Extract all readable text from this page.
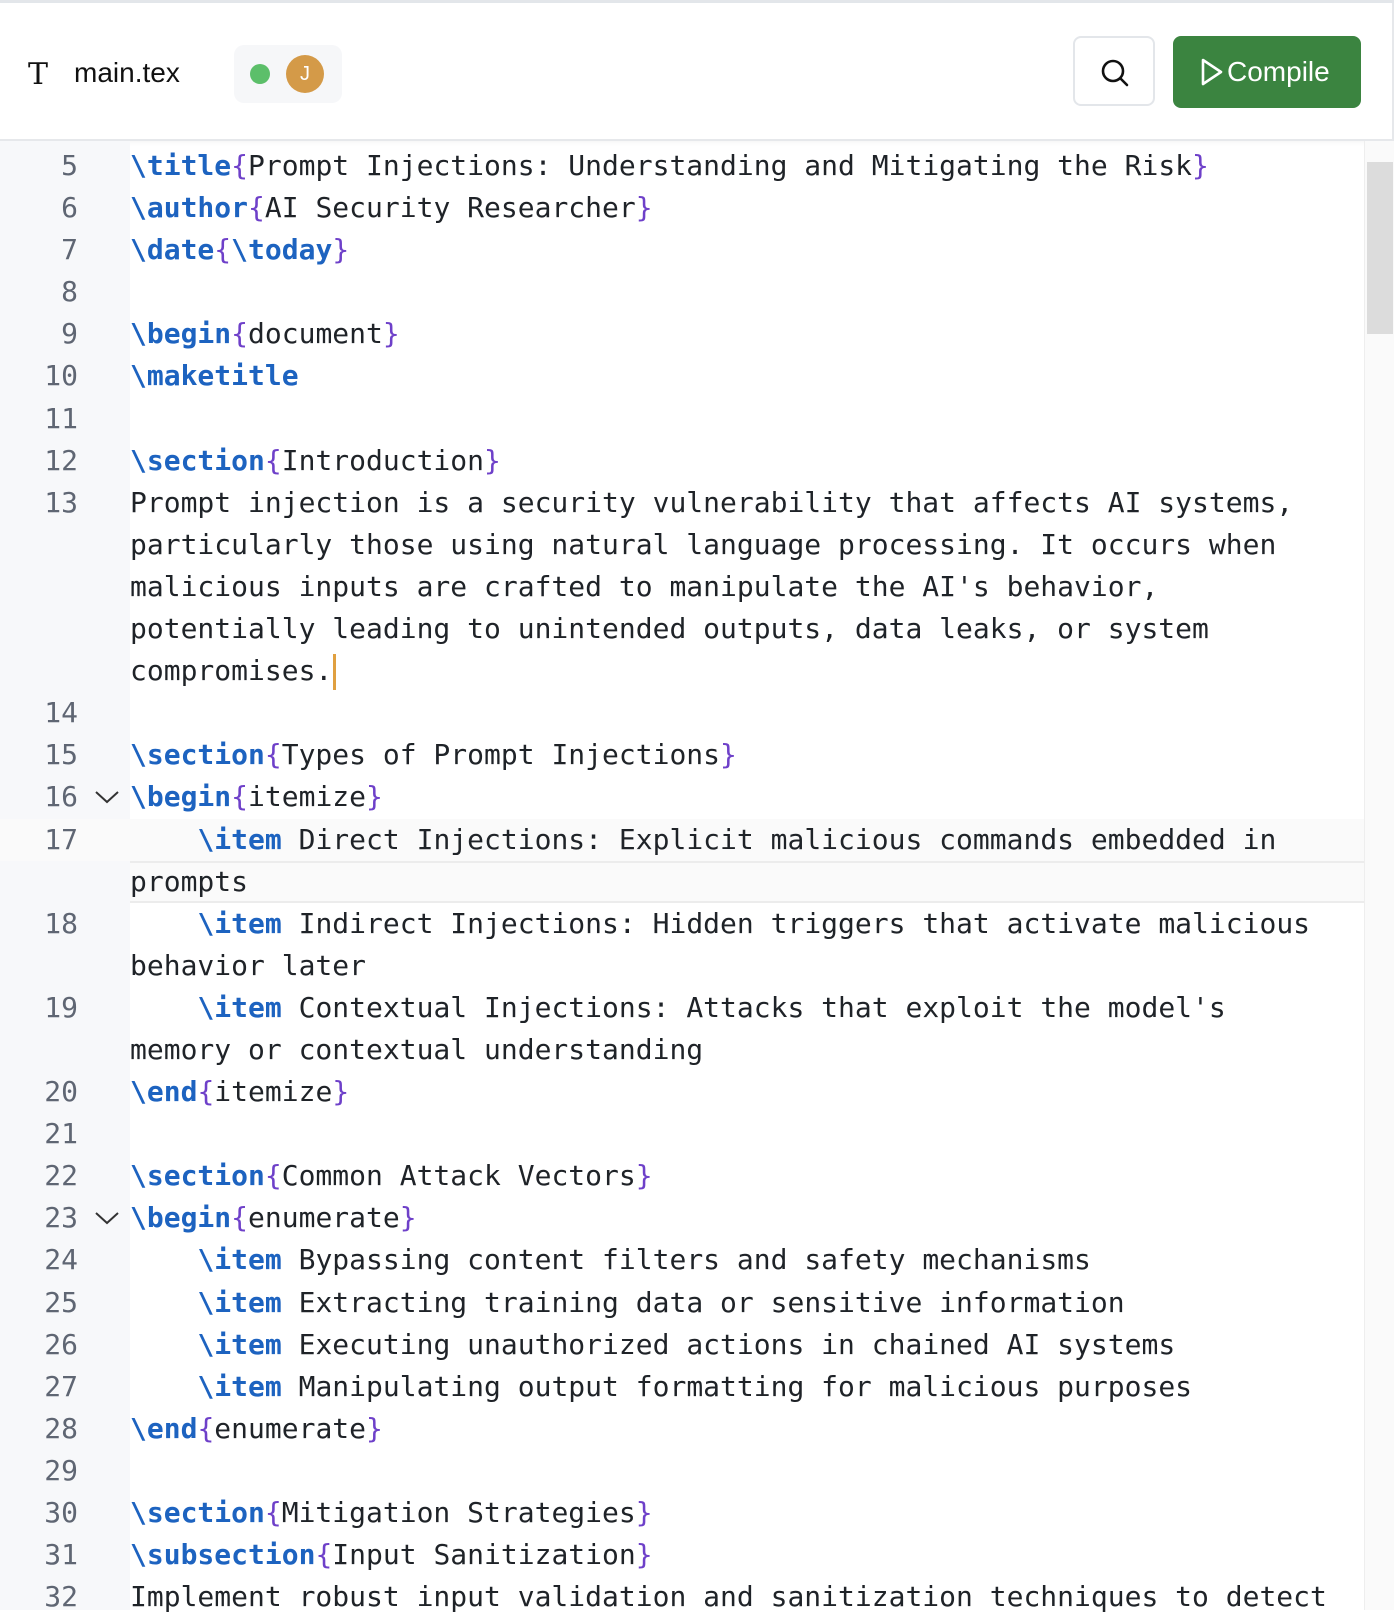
T main.tex	J	Compile
5 \title{Prompt Injections: Understanding and Mitigating the Risk}
6 \author{AI Security Researcher}
7 \date{\today}
8
9 \begin{document}
10 \maketitle
11
12 \section{Introduction}
13 Prompt injection is a security vulnerability that affects AI systems,
particularly those using natural language processing. It occurs when
malicious inputs are crafted to manipulate the AI's behavior,
potentially leading to unintended outputs, data leaks, or system
compromises.
14
15 \section{Types of Prompt Injections}
16 \begin{itemize}
17	\item Direct Injections: Explicit malicious commands embedded in
prompts
18	\item Indirect Injections: Hidden triggers that activate malicious
behavior later
19	\item Contextual Injections: Attacks that exploit the model's
memory or contextual understanding
20 \end{itemize}
21
22 \section{Common Attack Vectors}
23 \begin{enumerate}
24	\item Bypassing content filters and safety mechanisms
25	\item Extracting training data or sensitive information
26	\item Executing unauthorized actions in chained AI systems
27	\item Manipulating output formatting for malicious purposes
28 \end{enumerate}
29
30 \section{Mitigation Strategies}
31 \subsection{Input Sanitization}
32 Implement robust input validation and sanitization techniques to detect
